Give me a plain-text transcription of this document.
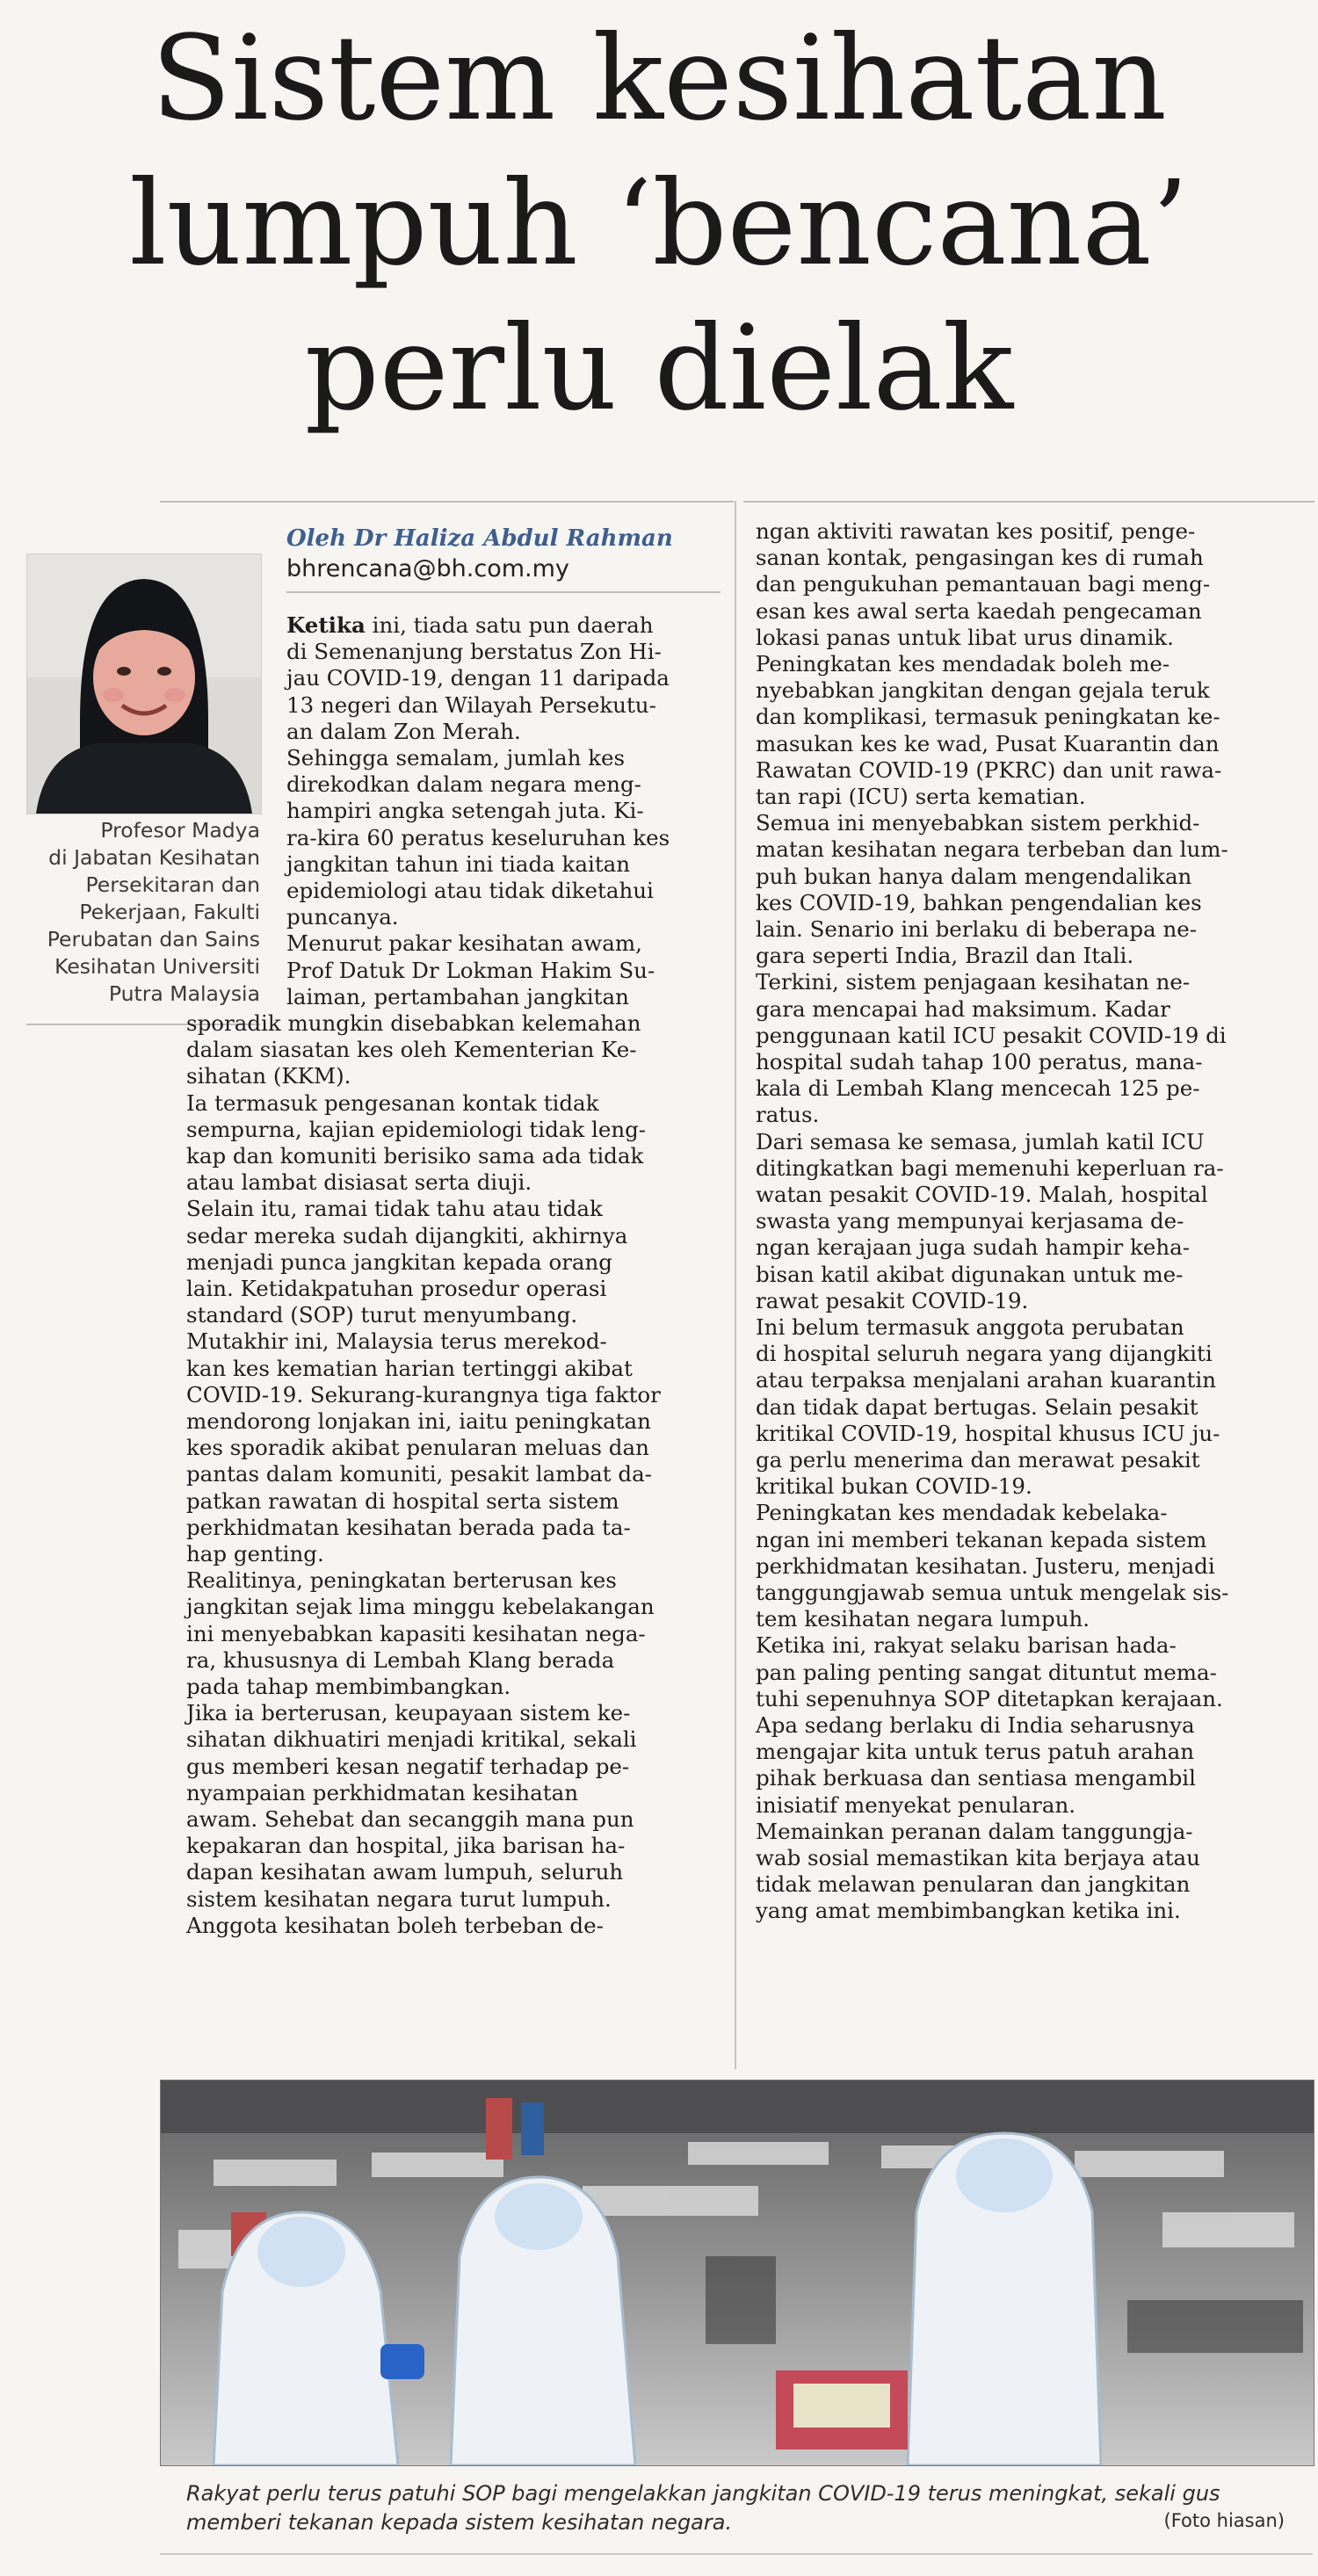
Sistem kesihatan
lumpuh ‘bencana’
perlu dielak
Profesor Madya
di Jabatan Kesihatan
Persekitaran dan
Pekerjaan, Fakulti
Perubatan dan Sains
Kesihatan Universiti
Putra Malaysia
Oleh Dr Haliza Abdul Rahman
bhrencana@bh.com.my
Ketika ini, tiada satu pun daerah
di Semenanjung berstatus Zon Hi-
jau COVID-19, dengan 11 daripada
13 negeri dan Wilayah Persekutu-
an dalam Zon Merah.
Sehingga semalam, jumlah kes
direkodkan dalam negara meng-
hampiri angka setengah juta. Ki-
ra-kira 60 peratus keseluruhan kes
jangkitan tahun ini tiada kaitan
epidemiologi atau tidak diketahui
puncanya.
Menurut pakar kesihatan awam,
Prof Datuk Dr Lokman Hakim Su-
laiman, pertambahan jangkitan
sporadik mungkin disebabkan kelemahan
dalam siasatan kes oleh Kementerian Ke-
sihatan (KKM).
Ia termasuk pengesanan kontak tidak
sempurna, kajian epidemiologi tidak leng-
kap dan komuniti berisiko sama ada tidak
atau lambat disiasat serta diuji.
Selain itu, ramai tidak tahu atau tidak
sedar mereka sudah dijangkiti, akhirnya
menjadi punca jangkitan kepada orang
lain. Ketidakpatuhan prosedur operasi
standard (SOP) turut menyumbang.
Mutakhir ini, Malaysia terus merekod-
kan kes kematian harian tertinggi akibat
COVID-19. Sekurang-kurangnya tiga faktor
mendorong lonjakan ini, iaitu peningkatan
kes sporadik akibat penularan meluas dan
pantas dalam komuniti, pesakit lambat da-
patkan rawatan di hospital serta sistem
perkhidmatan kesihatan berada pada ta-
hap genting.
Realitinya, peningkatan berterusan kes
jangkitan sejak lima minggu kebelakangan
ini menyebabkan kapasiti kesihatan nega-
ra, khususnya di Lembah Klang berada
pada tahap membimbangkan.
Jika ia berterusan, keupayaan sistem ke-
sihatan dikhuatiri menjadi kritikal, sekali
gus memberi kesan negatif terhadap pe-
nyampaian perkhidmatan kesihatan
awam. Sehebat dan secanggih mana pun
kepakaran dan hospital, jika barisan ha-
dapan kesihatan awam lumpuh, seluruh
sistem kesihatan negara turut lumpuh.
Anggota kesihatan boleh terbeban de-
ngan aktiviti rawatan kes positif, penge-
sanan kontak, pengasingan kes di rumah
dan pengukuhan pemantauan bagi meng-
esan kes awal serta kaedah pengecaman
lokasi panas untuk libat urus dinamik.
Peningkatan kes mendadak boleh me-
nyebabkan jangkitan dengan gejala teruk
dan komplikasi, termasuk peningkatan ke-
masukan kes ke wad, Pusat Kuarantin dan
Rawatan COVID-19 (PKRC) dan unit rawa-
tan rapi (ICU) serta kematian.
Semua ini menyebabkan sistem perkhid-
matan kesihatan negara terbeban dan lum-
puh bukan hanya dalam mengendalikan
kes COVID-19, bahkan pengendalian kes
lain. Senario ini berlaku di beberapa ne-
gara seperti India, Brazil dan Itali.
Terkini, sistem penjagaan kesihatan ne-
gara mencapai had maksimum. Kadar
penggunaan katil ICU pesakit COVID-19 di
hospital sudah tahap 100 peratus, mana-
kala di Lembah Klang mencecah 125 pe-
ratus.
Dari semasa ke semasa, jumlah katil ICU
ditingkatkan bagi memenuhi keperluan ra-
watan pesakit COVID-19. Malah, hospital
swasta yang mempunyai kerjasama de-
ngan kerajaan juga sudah hampir keha-
bisan katil akibat digunakan untuk me-
rawat pesakit COVID-19.
Ini belum termasuk anggota perubatan
di hospital seluruh negara yang dijangkiti
atau terpaksa menjalani arahan kuarantin
dan tidak dapat bertugas. Selain pesakit
kritikal COVID-19, hospital khusus ICU ju-
ga perlu menerima dan merawat pesakit
kritikal bukan COVID-19.
Peningkatan kes mendadak kebelaka-
ngan ini memberi tekanan kepada sistem
perkhidmatan kesihatan. Justeru, menjadi
tanggungjawab semua untuk mengelak sis-
tem kesihatan negara lumpuh.
Ketika ini, rakyat selaku barisan hada-
pan paling penting sangat dituntut mema-
tuhi sepenuhnya SOP ditetapkan kerajaan.
Apa sedang berlaku di India seharusnya
mengajar kita untuk terus patuh arahan
pihak berkuasa dan sentiasa mengambil
inisiatif menyekat penularan.
Memainkan peranan dalam tanggungja-
wab sosial memastikan kita berjaya atau
tidak melawan penularan dan jangkitan
yang amat membimbangkan ketika ini.
Rakyat perlu terus patuhi SOP bagi mengelakkan jangkitan COVID-19 terus meningkat, sekali gus
memberi tekanan kepada sistem kesihatan negara.	(Foto hiasan)
